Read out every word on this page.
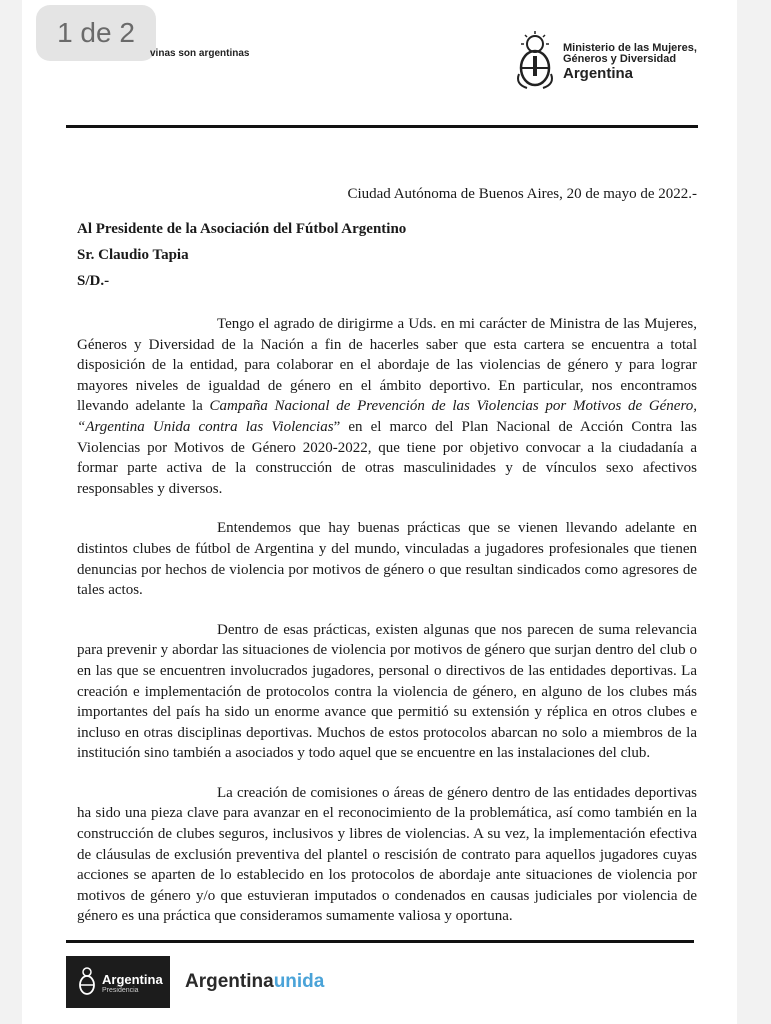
1 de 2
vinas son argentinas	Ministerio de las Mujeres,
Géneros y Diversidad
Argentina
Ciudad Autónoma de Buenos Aires, 20 de mayo de 2022.-
Al Presidente de la Asociación del Fútbol Argentino
Sr. Claudio Tapia
S/D.-

Tengo el agrado de dirigirme a Uds. en mi carácter de Ministra de las Mujeres, Géneros y Diversidad de la Nación a fin de hacerles saber que esta cartera se encuentra a total disposición de la entidad, para colaborar en el abordaje de las violencias de género y para lograr mayores niveles de igualdad de género en el ámbito deportivo. En particular, nos encontramos llevando adelante la Campaña Nacional de Prevención de las Violencias por Motivos de Género, “Argentina Unida contra las Violencias” en el marco del Plan Nacional de Acción Contra las Violencias por Motivos de Género 2020-2022, que tiene por objetivo convocar a la ciudadanía a formar parte activa de la construcción de otras masculinidades y de vínculos sexo afectivos responsables y diversos.

Entendemos que hay buenas prácticas que se vienen llevando adelante en distintos clubes de fútbol de Argentina y del mundo, vinculadas a jugadores profesionales que tienen denuncias por hechos de violencia por motivos de género o que resultan sindicados como agresores de tales actos.

Dentro de esas prácticas, existen algunas que nos parecen de suma relevancia para prevenir y abordar las situaciones de violencia por motivos de género que surjan dentro del club o en las que se encuentren involucrados jugadores, personal o directivos de las entidades deportivas. La creación e implementación de protocolos contra la violencia de género, en alguno de los clubes más importantes del país ha sido un enorme avance que permitió su extensión y réplica en otros clubes e incluso en otras disciplinas deportivas. Muchos de estos protocolos abarcan no solo a miembros de la institución sino también a asociados y todo aquel que se encuentre en las instalaciones del club.

La creación de comisiones o áreas de género dentro de las entidades deportivas ha sido una pieza clave para avanzar en el reconocimiento de la problemática, así como también en la construcción de clubes seguros, inclusivos y libres de violencias. A su vez, la implementación efectiva de cláusulas de exclusión preventiva del plantel o rescisión de contrato para aquellos jugadores cuyas acciones se aparten de lo establecido en los protocolos de abordaje ante situaciones de violencia por motivos de género y/o que estuvieran imputados o condenados en causas judiciales por violencia de género es una práctica que consideramos sumamente valiosa y oportuna.

Argentina
Presidencia Argentinaunida
